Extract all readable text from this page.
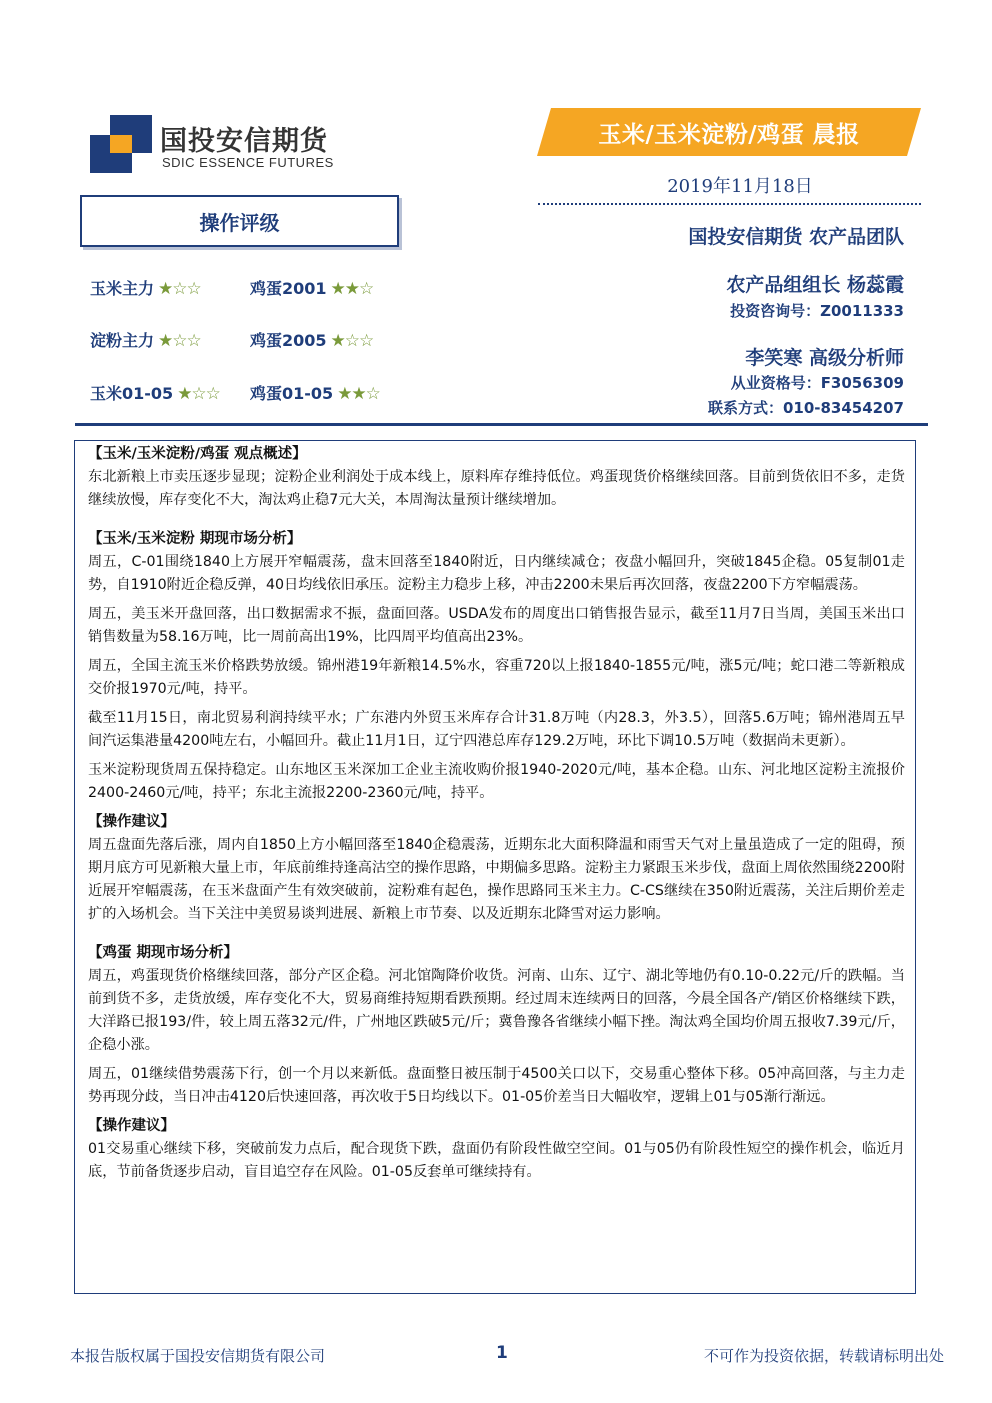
国投安信期货
SDIC ESSENCE FUTURES
玉米/玉米淀粉/鸡蛋 晨报
2019年11月18日
国投安信期货 农产品团队
农产品组组长 杨蕊霞
投资咨询号：Z0011333
李笑寒 高级分析师
从业资格号：F3056309
联系方式：010-83454207
操作评级
玉米主力 ★☆☆	鸡蛋2001 ★★☆
淀粉主力 ★☆☆	鸡蛋2005 ★☆☆
玉米01-05 ★☆☆ 鸡蛋01-05 ★★☆
【玉米/玉米淀粉/鸡蛋 观点概述】

东北新粮上市卖压逐步显现；淀粉企业利润处于成本线上，原料库存维持低位。鸡蛋现货价格继续回落。目前到货依旧不多，走货继续放慢，库存变化不大，淘汰鸡止稳7元大关，本周淘汰量预计继续增加。

【玉米/玉米淀粉 期现市场分析】

周五，C-01围绕1840上方展开窄幅震荡，盘末回落至1840附近，日内继续减仓；夜盘小幅回升，突破1845企稳。05复制01走势，自1910附近企稳反弹，40日均线依旧承压。淀粉主力稳步上移，冲击2200未果后再次回落，夜盘2200下方窄幅震荡。

周五，美玉米开盘回落，出口数据需求不振，盘面回落。USDA发布的周度出口销售报告显示，截至11月7日当周，美国玉米出口销售数量为58.16万吨，比一周前高出19%，比四周平均值高出23%。

周五，全国主流玉米价格跌势放缓。锦州港19年新粮14.5%水，容重720以上报1840-1855元/吨，涨5元/吨；蛇口港二等新粮成交价报1970元/吨，持平。

截至11月15日，南北贸易利润持续平水；广东港内外贸玉米库存合计31.8万吨（内28.3，外3.5），回落5.6万吨；锦州港周五早间汽运集港量4200吨左右，小幅回升。截止11月1日，辽宁四港总库存129.2万吨，环比下调10.5万吨（数据尚未更新）。

玉米淀粉现货周五保持稳定。山东地区玉米深加工企业主流收购价报1940-2020元/吨，基本企稳。山东、河北地区淀粉主流报价2400-2460元/吨，持平；东北主流报2200-2360元/吨，持平。

【操作建议】

周五盘面先落后涨，周内自1850上方小幅回落至1840企稳震荡，近期东北大面积降温和雨雪天气对上量虽造成了一定的阻碍，预期月底方可见新粮大量上市，年底前维持逢高沽空的操作思路，中期偏多思路。淀粉主力紧跟玉米步伐，盘面上周依然围绕2200附近展开窄幅震荡，在玉米盘面产生有效突破前，淀粉难有起色，操作思路同玉米主力。C-CS继续在350附近震荡，关注后期价差走扩的入场机会。当下关注中美贸易谈判进展、新粮上市节奏、以及近期东北降雪对运力影响。

【鸡蛋 期现市场分析】

周五，鸡蛋现货价格继续回落，部分产区企稳。河北馆陶降价收货。河南、山东、辽宁、湖北等地仍有0.10-0.22元/斤的跌幅。当前到货不多，走货放缓，库存变化不大，贸易商维持短期看跌预期。经过周末连续两日的回落，今晨全国各产/销区价格继续下跌，大洋路已报193/件，较上周五落32元/件，广州地区跌破5元/斤；冀鲁豫各省继续小幅下挫。淘汰鸡全国均价周五报收7.39元/斤，企稳小涨。

周五，01继续借势震荡下行，创一个月以来新低。盘面整日被压制于4500关口以下，交易重心整体下移。05冲高回落，与主力走势再现分歧，当日冲击4120后快速回落，再次收于5日均线以下。01-05价差当日大幅收窄，逻辑上01与05渐行渐远。

【操作建议】

01交易重心继续下移，突破前发力点后，配合现货下跌，盘面仍有阶段性做空空间。01与05仍有阶段性短空的操作机会，临近月底，节前备货逐步启动，盲目追空存在风险。01-05反套单可继续持有。

本报告版权属于国投安信期货有限公司	1	不可作为投资依据，转载请标明出处
